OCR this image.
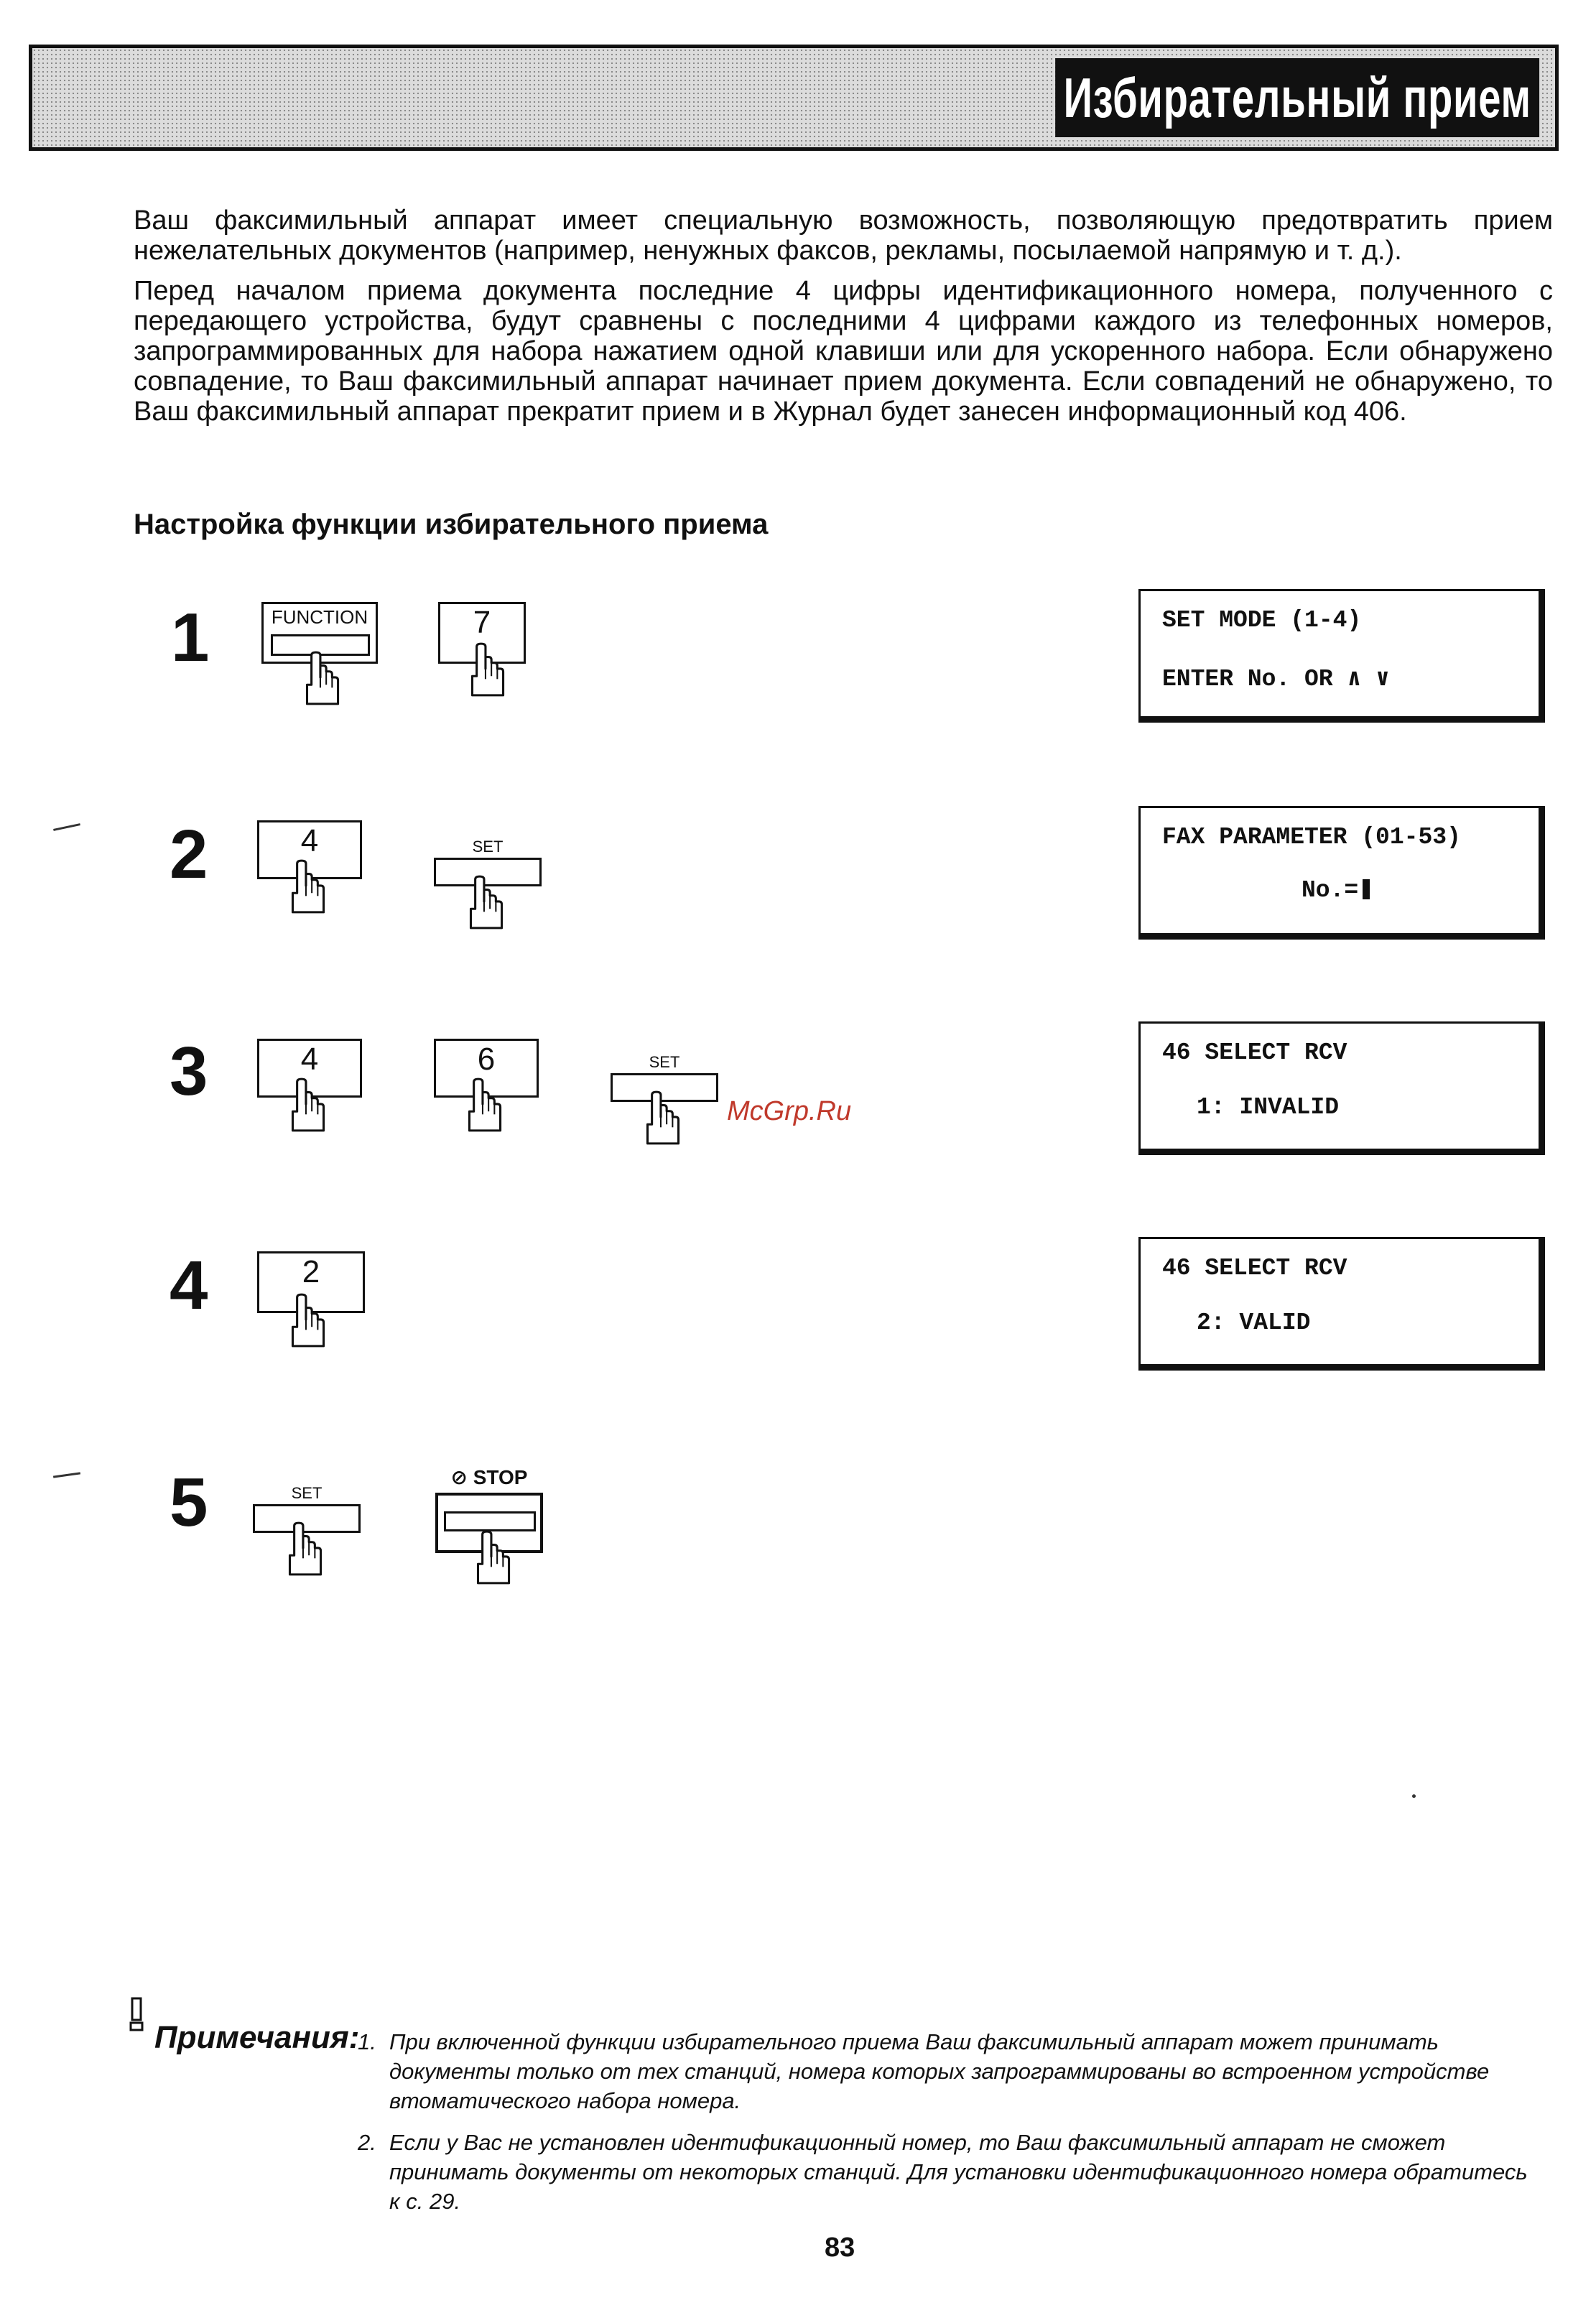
Избирательный прием

Ваш факсимильный аппарат имеет специальную возможность, позволяющую предотвратить прием нежелательных документов (например, ненужных факсов, рекламы, посылаемой напрямую и т. д.).

Перед началом приема документа последние 4 цифры идентификационного номера, полученного с передающего устройства, будут сравнены с последними 4 цифрами каждого из телефонных номеров, запрограммированных для набора нажатием одной клавиши или для ускоренного набора. Если обнаружено совпадение, то Ваш факсимильный аппарат начинает прием документа. Если совпадений не обнаружено, то Ваш факсимильный аппарат прекратит прием и в Журнал будет занесен информационный код 406.

Настройка функции избирательного приема
1	FUNCTION	7	SET MODE (1-4)
ENTER No. OR ∧ ∨
2	4	SET	FAX PARAMETER (01-53)
No.=
3	4	6	SET	46 SELECT RCV
1: INVALID
McGrp.Ru
4	2	46 SELECT RCV
2: VALID
5	SET
⊘ STOP
Примечания:
1. При включенной функции избирательного приема Ваш факсимильный аппарат может принимать документы только от тех станций, номера которых запрограммированы во встроенном устройстве втоматического набора номера.
2. Если у Вас не установлен идентификационный номер, то Ваш факсимильный аппарат не сможет принимать документы от некоторых станций. Для установки идентификационного номера обратитесь к с. 29.
83
